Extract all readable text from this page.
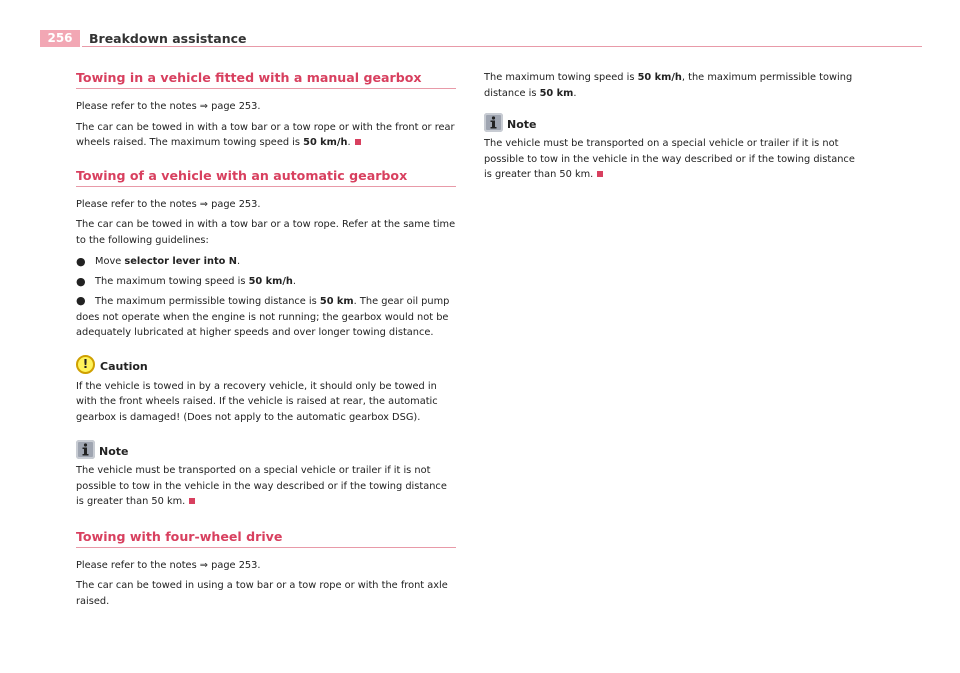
256	Breakdown assistance
Towing in a vehicle fitted with a manual gearbox

Please refer to the notes ⇒ page 253.

The car can be towed in with a tow bar or a tow rope or with the front or rear wheels raised. The maximum towing speed is 50 km/h.

Towing of a vehicle with an automatic gearbox

Please refer to the notes ⇒ page 253.

The car can be towed in with a tow bar or a tow rope. Refer at the same time to the following guidelines:

● Move selector lever into N.
● The maximum towing speed is 50 km/h.

● The maximum permissible towing distance is 50 km. The gear oil pump does not operate when the engine is not running; the gearbox would not be adequately lubricated at higher speeds and over longer towing distance.

!	Caution

If the vehicle is towed in by a recovery vehicle, it should only be towed in with the front wheels raised. If the vehicle is raised at rear, the automatic gearbox is damaged! (Does not apply to the automatic gearbox DSG).

Note

The vehicle must be transported on a special vehicle or trailer if it is not possible to tow in the vehicle in the way described or if the towing distance is greater than 50 km.

Towing with four-wheel drive

Please refer to the notes ⇒ page 253.

The car can be towed in using a tow bar or a tow rope or with the front axle raised.

The maximum towing speed is 50 km/h, the maximum permissible towing distance is 50 km.

Note

The vehicle must be transported on a special vehicle or trailer if it is not possible to tow in the vehicle in the way described or if the towing distance is greater than 50 km.
